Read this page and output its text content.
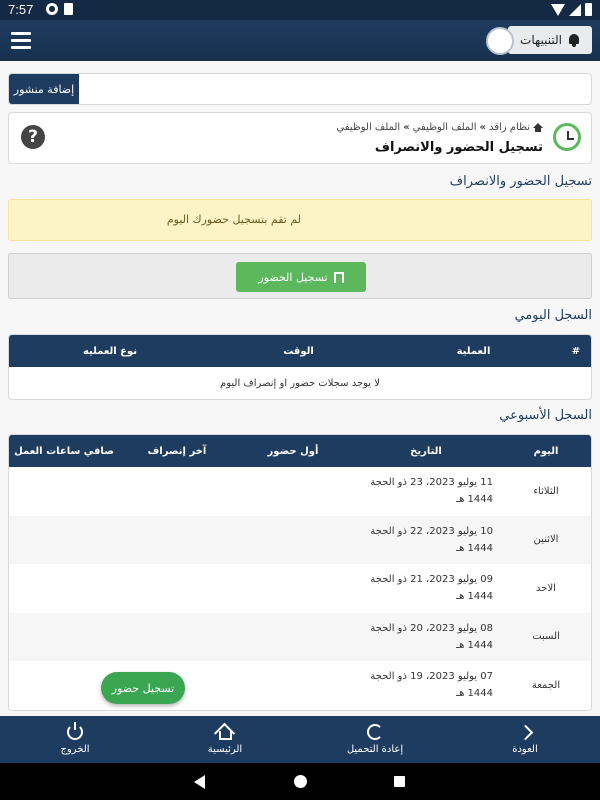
7:57	●
التنبيهات
إضافة منشور
?	نظام راقد
»
الملف الوظيفي
»
الملف الوظيفي
تسجيل الحضور والانصراف
تسجيل الحضور والانصراف
لم تقم بتسجيل حضورك اليوم
تسجيل الحضور
السجل اليومي
#	العملية	الوقت	نوع العمليه
لا يوجد سجلات حضور او إنصراف اليوم
السجل الأسبوعي
اليوم	التاريخ	أول حضور	آخر إنصراف	صافي ساعات العمل
الثلاثاء	11 يوليو 2023، 23 ذو الحجة
1444 هـ			
الاثنين	10 يوليو 2023، 22 ذو الحجة
1444 هـ			
الاحد	09 يوليو 2023، 21 ذو الحجة
1444 هـ			
السبت	08 يوليو 2023، 20 ذو الحجة
1444 هـ			
الجمعة	07 يوليو 2023، 19 ذو الحجة
1444 هـ			
تسجيل حضور
الخروج	الرئيسية	إعادة التحميل	العودة
